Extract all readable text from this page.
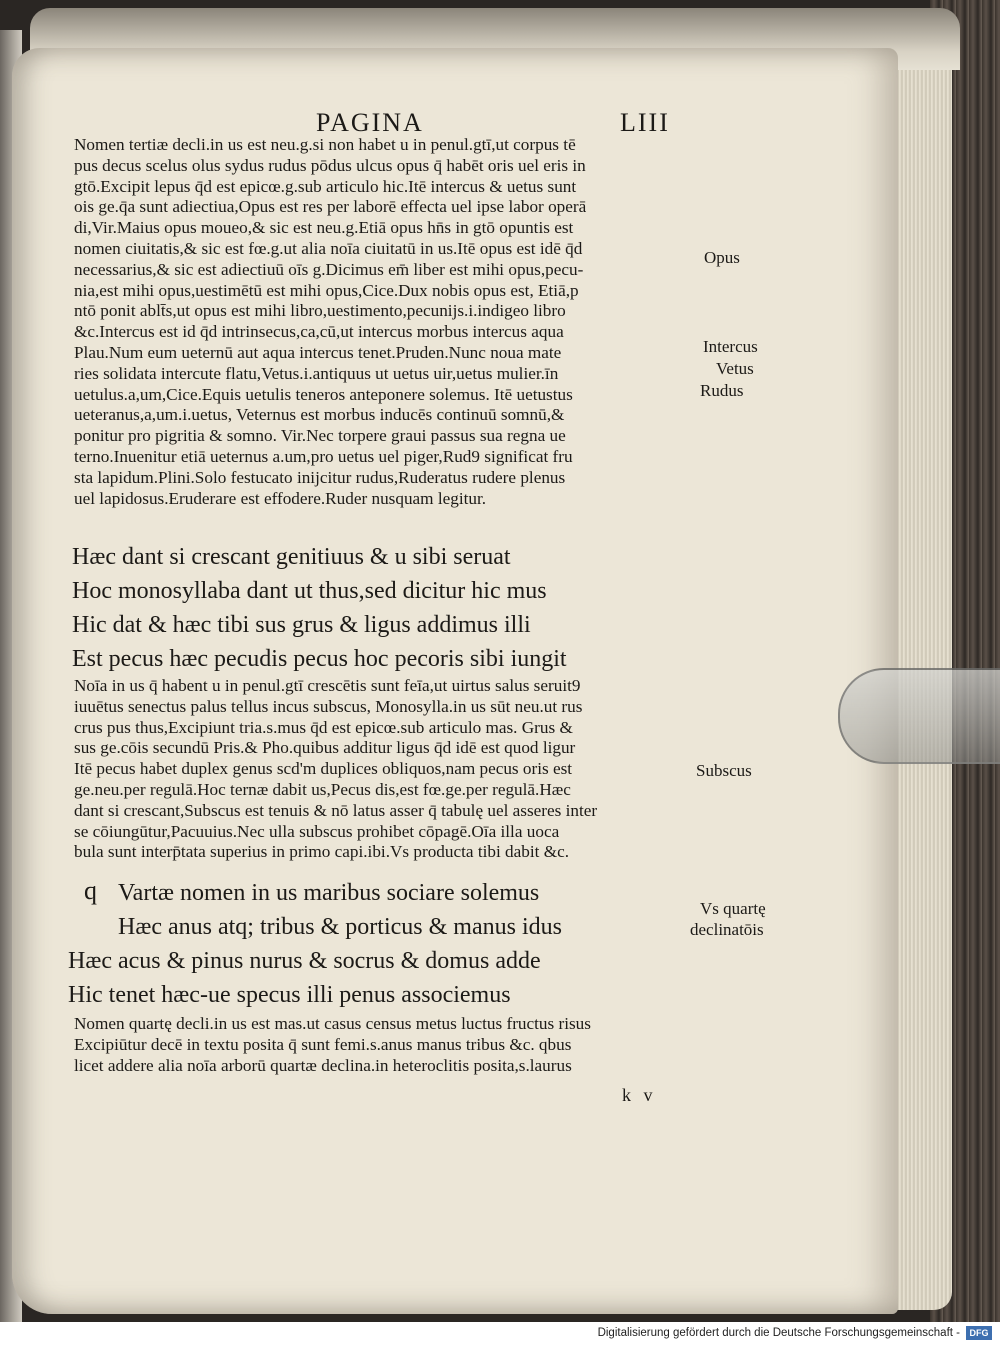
PAGINA	LIII
Nomen tertiæ decli.in us est neu.g.si non habet u in penul.gtī,ut corpus tē
pus decus scelus olus sydus rudus pōdus ulcus opus q̄ habēt oris uel eris in
gtō.Excipit lepus q̄d est epicœ.g.sub articulo hic.Itē intercus & uetus sunt
ois ge.q̄a sunt adiectiua,Opus est res per laborē effecta uel ipse labor operā
di,Vir.Maius opus moueo,& sic est neu.g.Etiā opus hn̄s in gtō opuntis est
nomen ciuitatis,& sic est fœ.g.ut alia noīa ciuitatū in us.Itē opus est idē q̄d
necessarius,& sic est adiectiuū oīs g.Dicimus em̄ liber est mihi opus,pecu-
nia,est mihi opus,uestimētū est mihi opus,Cice.Dux nobis opus est, Etiā,p
ntō ponit ablt̄s,ut opus est mihi libro,uestimento,pecunijs.i.indigeo libro
&c.Intercus est id q̄d intrinsecus,ca,cū,ut intercus morbus intercus aqua
Plau.Num eum ueternū aut aqua intercus tenet.Pruden.Nunc noua mate
ries solidata intercute flatu,Vetus.i.antiquus ut uetus uir,uetus mulier.īn
uetulus.a,um,Cice.Equis uetulis teneros anteponere solemus. Itē uetustus
ueteranus,a,um.i.uetus, Veternus est morbus inducēs continuū somnū,&
ponitur pro pigritia & somno. Vir.Nec torpere graui passus sua regna ue
terno.Inuenitur etiā ueternus a.um,pro uetus uel piger,Rud9 significat fru
sta lapidum.Plini.Solo festucato inijcitur rudus,Ruderatus rudere plenus
uel lapidosus.Eruderare est effodere.Ruder nusquam legitur.
Hæc dant si crescant genitiuus & u sibi seruat
Hoc monosyllaba dant ut thus,sed dicitur hic mus
Hic dat & hæc tibi sus grus & ligus addimus illi
Est pecus hæc pecudis pecus hoc pecoris sibi iungit
Noīa in us q̄ habent u in penul.gtī crescētis sunt feīa,ut uirtus salus seruit9
iuuētus senectus palus tellus incus subscus, Monosylla.in us sūt neu.ut rus
crus pus thus,Excipiunt tria.s.mus q̄d est epicœ.sub articulo mas. Grus &
sus ge.cōis secundū Pris.& Pho.quibus additur ligus q̄d idē est quod ligur
Itē pecus habet duplex genus scd'm duplices obliquos,nam pecus oris est
ge.neu.per regulā.Hoc ternæ dabit us,Pecus dis,est fœ.ge.per regulā.Hæc
dant si crescant,Subscus est tenuis & nō latus asser q̄ tabulę uel asseres inter
se cōiungūtur,Pacuuius.Nec ulla subscus prohibet cōpagē.Oīa illa uoca
bula sunt interp̄tata superius in primo capi.ibi.Vs producta tibi dabit &c.
q Vartæ nomen in us maribus sociare solemus
Hæc anus atq; tribus & porticus & manus idus
Hæc acus & pinus nurus & socrus & domus adde
Hic tenet hæc-ue specus illi penus associemus
Nomen quartę decli.in us est mas.ut casus census metus luctus fructus risus
Excipiūtur decē in textu posita q̄ sunt femi.s.anus manus tribus &c. qbus
licet addere alia noīa arborū quartæ declina.in heteroclitis posita,s.laurus
k v
Opus
Intercus
Vetus
Rudus
Subscus
Vs quartę
declinatōis
Digitalisierung gefördert durch die Deutsche Forschungsgemeinschaft -	DFG
